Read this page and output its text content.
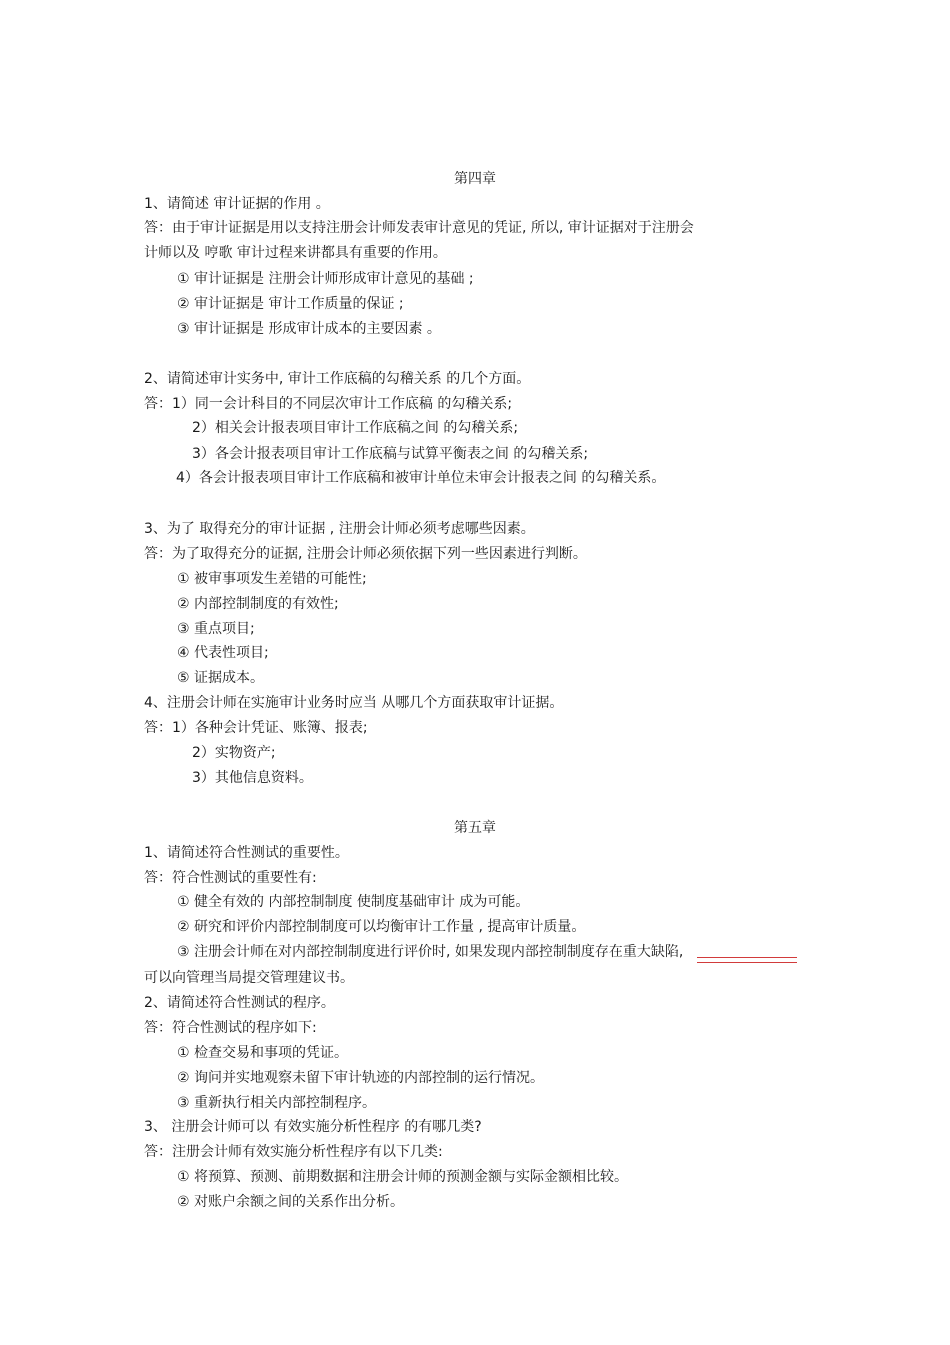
第四章
1、请简述 审计证据的作用 。
答：由于审计证据是用以支持注册会计师发表审计意见的凭证, 所以, 审计证据对于注册会
计师以及 哼歌 审计过程来讲都具有重要的作用。
① 审计证据是 注册会计师形成审计意见的基础 ;
② 审计证据是 审计工作质量的保证 ;
③ 审计证据是 形成审计成本的主要因素 。
2、请简述审计实务中, 审计工作底稿的勾稽关系 的几个方面。
答：1）同一会计科目的不同层次审计工作底稿 的勾稽关系;
2）相关会计报表项目审计工作底稿之间 的勾稽关系;
3）各会计报表项目审计工作底稿与试算平衡表之间 的勾稽关系;
4）各会计报表项目审计工作底稿和被审计单位未审会计报表之间 的勾稽关系。
3、为了 取得充分的审计证据 , 注册会计师必须考虑哪些因素。
答：为了取得充分的证据, 注册会计师必须依据下列一些因素进行判断。
① 被审事项发生差错的可能性;
② 内部控制制度的有效性;
③ 重点项目;
④ 代表性项目;
⑤ 证据成本。
4、注册会计师在实施审计业务时应当 从哪几个方面获取审计证据。
答：1）各种会计凭证、账簿、报表;
2）实物资产;
3）其他信息资料。
第五章
1、请简述符合性测试的重要性。
答：符合性测试的重要性有:
① 健全有效的 内部控制制度 使制度基础审计 成为可能。
② 研究和评价内部控制制度可以均衡审计工作量 , 提高审计质量。
③ 注册会计师在对内部控制制度进行评价时, 如果发现内部控制制度存在重大缺陷,
可以向管理当局提交管理建议书。
2、请简述符合性测试的程序。
答：符合性测试的程序如下:
① 检查交易和事项的凭证。
② 询问并实地观察未留下审计轨迹的内部控制的运行情况。
③ 重新执行相关内部控制程序。
3、 注册会计师可以 有效实施分析性程序 的有哪几类?
答：注册会计师有效实施分析性程序有以下几类:
① 将预算、预测、前期数据和注册会计师的预测金额与实际金额相比较。
② 对账户余额之间的关系作出分析。
